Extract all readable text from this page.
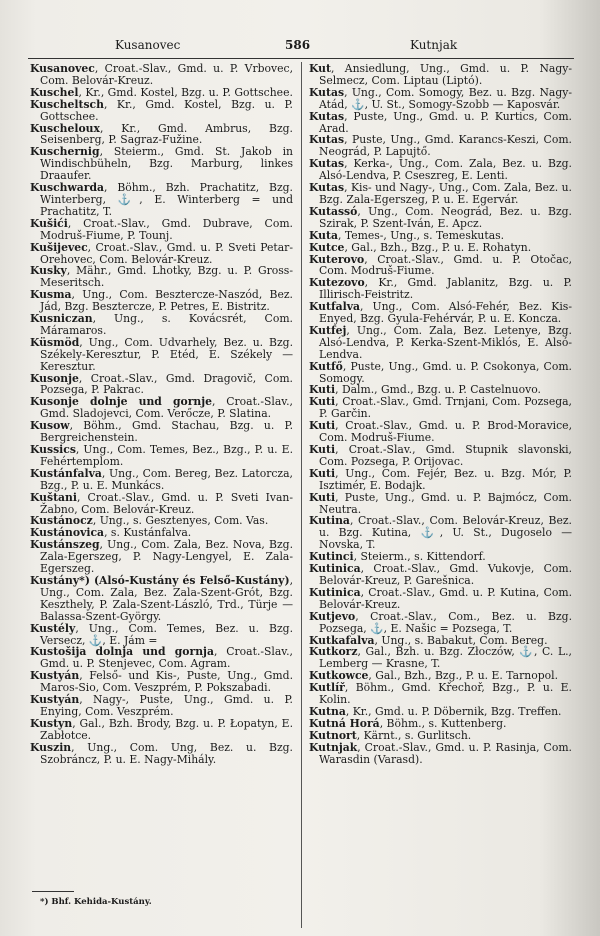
Kusanovec	586	Kutnjak

Kusanovec, Croat.-Slav., Gmd. u. P. Vrbovec, Com. Belovár-Kreuz.

Kuschel, Kr., Gmd. Kostel, Bzg. u. P. Gottschee.

Kuscheltsch, Kr., Gmd. Kostel, Bzg. u. P. Gottschee.

Kuscheloux, Kr., Gmd. Ambrus, Bzg. Seisenberg, P. Sagraz-Fužine.

Kuschernig, Steierm., Gmd. St. Jakob in Windischbüheln, Bzg. Marburg, linkes Draaufer.

Kuschwarda, Böhm., Bzh. Prachatitz, Bzg. Winterberg, ⚓, E. Winterberg = und Prachatitz, T.

Kušići, Croat.-Slav., Gmd. Dubrave, Com. Modruš-Fiume, P. Tounj.

Kušijevec, Croat.-Slav., Gmd. u. P. Sveti Petar-Orehovec, Com. Belovár-Kreuz.

Kusky, Mähr., Gmd. Lhotky, Bzg. u. P. Gross-Meseritsch.

Kusma, Ung., Com. Beszterczе-Naszód, Bez. Jád, Bzg. Beszterczе, P. Petres, E. Bistritz.

Kusniczan, Ung., s. Kovácsrét, Com. Máramaros.

Küsmöd, Ung., Com. Udvarhely, Bez. u. Bzg. Székely-Keresztur, P. Etéd, E. Székely — Keresztur.

Kusonje, Croat.-Slav., Gmd. Dragovič, Com. Pozsega, P. Pakrac.

Kusonje dolnje und gornje, Croat.-Slav., Gmd. Sladojevci, Com. Verőcze, P. Slatina.

Kusow, Böhm., Gmd. Stachau, Bzg. u. P. Bergreichenstein.

Kussics, Ung., Com. Temes, Bez., Bzg., P. u. E. Fehértemplom.

Kustánfalva, Ung., Com. Bereg, Bez. Latorcza, Bzg., P. u. E. Munkács.

Kuštani, Croat.-Slav., Gmd. u. P. Sveti Ivan-Žabno, Com. Belovár-Kreuz.

Kustánocz, Ung., s. Gesztenyes, Com. Vas.

Kustánovica, s. Kustánfalva.

Kustánszeg, Ung., Com. Zala, Bez. Nova, Bzg. Zala-Egerszeg, P. Nagy-Lengyel, E. Zala-Egerszeg.

Kustány*) (Alsó-Kustány és Felső-Kustány), Ung., Com. Zala, Bez. Zala-Szent-Grót, Bzg. Keszthely, P. Zala-Szent-László, Trd., Türje — Balassa-Szent-György.

Kustély, Ung., Com. Temes, Bez. u. Bzg. Versecz, ⚓, E. Jám =

Kustošija dolnja und gornja, Croat.-Slav., Gmd. u. P. Stenjevec, Com. Agram.

Kustyán, Felső- und Kis-, Puste, Ung., Gmd. Maros-Sio, Com. Veszprém, P. Pokszabadi.

Kustyán, Nagy-, Puste, Ung., Gmd. u. P. Enying, Com. Veszprém.

Kustyn, Gal., Bzh. Brody, Bzg. u. P. Łopatyn, E. Zabłotce.

Kuszin, Ung., Com. Ung, Bez. u. Bzg. Szobráncz, P. u. E. Nagy-Mihály.

Kut, Ansiedlung, Ung., Gmd. u. P. Nagy-Selmecz, Com. Liptau (Liptó).

Kutas, Ung., Com. Somogy, Bez. u. Bzg. Nagy-Atád, ⚓, U. St., Somogy-Szobb — Kaposvár.

Kutas, Puste, Ung., Gmd. u. P. Kurtics, Com. Arad.

Kutas, Puste, Ung., Gmd. Karancs-Keszi, Com. Neográd, P. Lapujtő.

Kutas, Kerka-, Ung., Com. Zala, Bez. u. Bzg. Alsó-Lendva, P. Cseszreg, E. Lenti.

Kutas, Kis- und Nagy-, Ung., Com. Zala, Bez. u. Bzg. Zala-Egerszeg, P. u. E. Egervár.

Kutassó, Ung., Com. Neográd, Bez. u. Bzg. Szirak, P. Szent-Iván, E. Apcz.

Kuta, Temes-, Ung., s. Temeskutas.

Kutce, Gal., Bzh., Bzg., P. u. E. Rohatyn.

Kuterovo, Croat.-Slav., Gmd. u. P. Otočac, Com. Modruš-Fiume.

Kutezovo, Kr., Gmd. Jablanitz, Bzg. u. P. Illirisch-Feistritz.

Kutfalva, Ung., Com. Alsó-Fehér, Bez. Kis-Enyed, Bzg. Gyula-Fehérvár, P. u. E. Koncza.

Kutfej, Ung., Com. Zala, Bez. Letenye, Bzg. Alsó-Lendva, P. Kerka-Szent-Miklós, E. Alsó-Lendva.

Kutfő, Puste, Ung., Gmd. u. P. Csokonya, Com. Somogy.

Kuti, Dalm., Gmd., Bzg. u. P. Castelnuovo.

Kuti, Croat.-Slav., Gmd. Trnjani, Com. Pozsega, P. Garčin.

Kuti, Croat.-Slav., Gmd. u. P. Brod-Moravice, Com. Modruš-Fiume.

Kuti, Croat.-Slav., Gmd. Stupnik slavonski, Com. Pozsega, P. Orijovac.

Kuti, Ung., Com. Fejér, Bez. u. Bzg. Mór, P. Isztimér, E. Bodajk.

Kuti, Puste, Ung., Gmd. u. P. Bajmócz, Com. Neutra.

Kutina, Croat.-Slav., Com. Belovár-Kreuz, Bez. u. Bzg. Kutina, ⚓, U. St., Dugoselo — Novska, T.

Kutinci, Steierm., s. Kittendorf.

Kutinica, Croat.-Slav., Gmd. Vukovje, Com. Belovár-Kreuz, P. Garešnica.

Kutinica, Croat.-Slav., Gmd. u. P. Kutina, Com. Belovár-Kreuz.

Kutjevo, Croat.-Slav., Com., Bez. u. Bzg. Pozsega, ⚓, E. Našic = Pozsega, T.

Kutkafalva, Ung., s. Babakut, Com. Bereg.

Kutkorz, Gal., Bzh. u. Bzg. Złoczów, ⚓, C. L., Lemberg — Krasne, T.

Kutkowce, Gal., Bzh., Bzg., P. u. E. Tarnopol.

Kutlíř, Böhm., Gmd. Křechoř, Bzg., P. u. E. Kolin.

Kutna, Kr., Gmd. u. P. Döbernik, Bzg. Treffen.

Kutná Horá, Böhm., s. Kuttenberg.

Kutnort, Kärnt., s. Gurlitsch.

Kutnjak, Croat.-Slav., Gmd. u. P. Rasinja, Com. Warasdin (Varasd).

*) Bhf. Kehida-Kustány.
